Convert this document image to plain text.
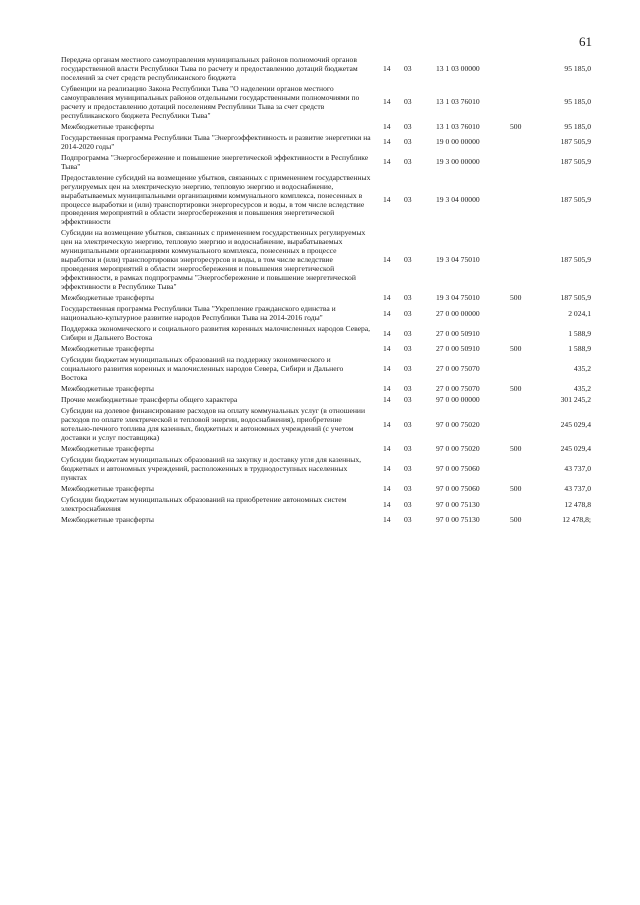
61
Передача органам местного самоуправления муниципальных районов полномочий органов государственной власти Республики Тыва по расчету и предоставлению дотаций бюджетам поселений за счет средств республиканского бюджета	14	03	13 1 03 00000		95 185,0
Субвенции на реализацию Закона Республики Тыва "О наделении органов местного самоуправления муниципальных районов отдельными государственными полномочиями по расчету и предоставлению дотаций поселениям Республики Тыва за счет средств республиканского бюджета Республики Тыва"	14	03	13 1 03 76010		95 185,0
Межбюджетные трансферты	14	03	13 1 03 76010	500	95 185,0
Государственная программа Республики Тыва "Энергоэффективность и развитие энергетики на 2014-2020 годы"	14	03	19 0 00 00000		187 505,9
Подпрограмма "Энергосбережение и повышение энергетической эффективности в Республике Тыва"	14	03	19 3 00 00000		187 505,9
Предоставление субсидий на возмещение убытков, связанных с применением государственных регулируемых цен на электрическую энергию, тепловую энергию и водоснабжение, вырабатываемых муниципальными организациями коммунального комплекса, понесенных в процессе выработки и (или) транспортировки энергоресурсов и воды, в том числе вследствие проведения мероприятий в области энергосбережения и повышения энергетической эффективности	14	03	19 3 04 00000		187 505,9
Субсидии на возмещение убытков, связанных с применением государственных регулируемых цен на электрическую энергию, тепловую энергию и водоснабжение, вырабатываемых муниципальными организациями коммунального комплекса, понесенных в процессе выработки и (или) транспортировки энергоресурсов и воды, в том числе вследствие проведения мероприятий в области энергосбережения и повышения энергетической эффективности, в рамках подпрограммы "Энергосбережение и повышение энергетической эффективности в Республике Тыва"	14	03	19 3 04 75010		187 505,9
Межбюджетные трансферты	14	03	19 3 04 75010	500	187 505,9
Государственная программа Республики Тыва "Укрепление гражданского единства и национально-культурное развитие народов Республики Тыва на 2014-2016 годы"	14	03	27 0 00 00000		2 024,1
Поддержка экономического и социального развития коренных малочисленных народов Севера, Сибири и Дальнего Востока	14	03	27 0 00 50910		1 588,9
Межбюджетные трансферты	14	03	27 0 00 50910	500	1 588,9
Субсидии бюджетам муниципальных образований на поддержку экономического и социального развития коренных и малочисленных народов Севера, Сибири и Дальнего Востока	14	03	27 0 00 75070		435,2
Межбюджетные трансферты	14	03	27 0 00 75070	500	435,2
Прочие межбюджетные трансферты общего характера	14	03	97 0 00 00000		301 245,2
Субсидии на долевое финансирование расходов на оплату коммунальных услуг (в отношении расходов по оплате электрической и тепловой энергии, водоснабжения), приобретение котельно-печного топлива для казенных, бюджетных и автономных учреждений (с учетом доставки и услуг поставщика)	14	03	97 0 00 75020		245 029,4
Межбюджетные трансферты	14	03	97 0 00 75020	500	245 029,4
Субсидии бюджетам муниципальных образований на закупку и доставку угля для казенных, бюджетных и автономных учреждений, расположенных в труднодоступных населенных пунктах	14	03	97 0 00 75060		43 737,0
Межбюджетные трансферты	14	03	97 0 00 75060	500	43 737,0
Субсидии бюджетам муниципальных образований на приобретение автономных систем электроснабжения	14	03	97 0 00 75130		12 478,8
Межбюджетные трансферты	14	03	97 0 00 75130	500	12 478,8;
